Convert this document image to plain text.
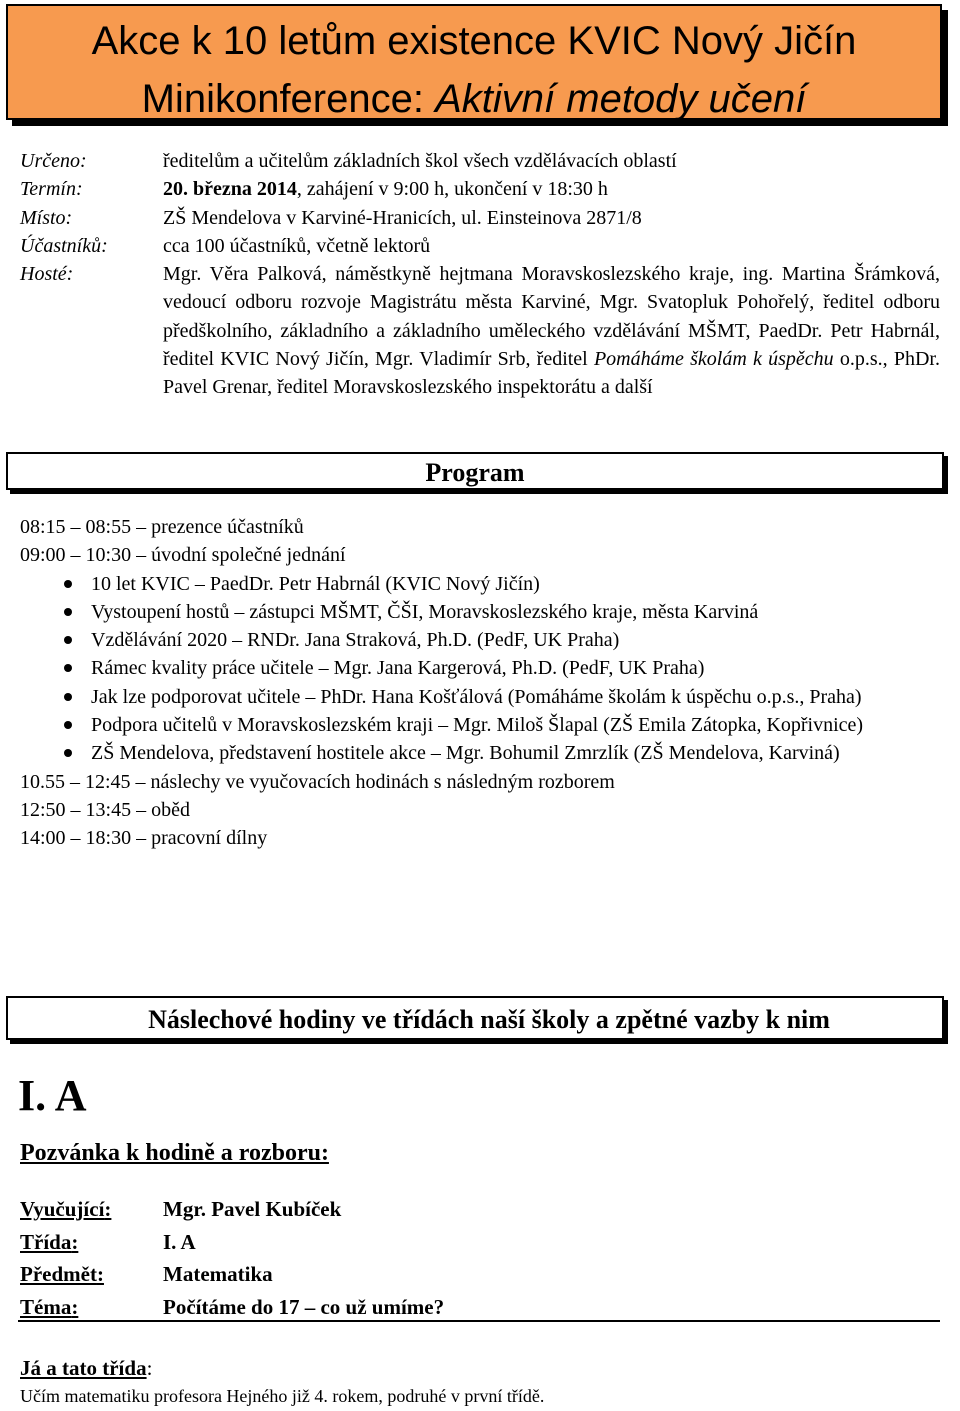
Akce k 10 letům existence KVIC Nový Jičín
Minikonference: Aktivní metody učení
Určeno:	ředitelům a učitelům základních škol všech vzdělávacích oblastí
Termín:	20. března 2014, zahájení v 9:00 h, ukončení v 18:30 h
Místo:	ZŠ Mendelova v Karviné-Hranicích, ul. Einsteinova 2871/8
Účastníků:	cca 100 účastníků, včetně lektorů
Hosté:	Mgr. Věra Palková, náměstkyně hejtmana Moravskoslezského kraje, ing. Martina Šrámková, vedoucí odboru rozvoje Magistrátu města Karviné, Mgr. Svatopluk Pohořelý, ředitel odboru předškolního, základního a základního uměleckého vzdělávání MŠMT, PaedDr. Petr Habrnál, ředitel KVIC Nový Jičín, Mgr. Vladimír Srb, ředitel Pomáháme školám k úspěchu o.p.s., PhDr. Pavel Grenar, ředitel Moravskoslezského inspektorátu a další
Program
08:15 – 08:55 – prezence účastníků
09:00 – 10:30 – úvodní společné jednání
10 let KVIC – PaedDr. Petr Habrnál (KVIC Nový Jičín)
Vystoupení hostů – zástupci MŠMT, ČŠI, Moravskoslezského kraje, města Karviná
Vzdělávání 2020 – RNDr. Jana Straková, Ph.D. (PedF, UK Praha)
Rámec kvality práce učitele – Mgr. Jana Kargerová, Ph.D. (PedF, UK Praha)
Jak lze podporovat učitele – PhDr. Hana Košťálová (Pomáháme školám k úspěchu o.p.s., Praha)
Podpora učitelů v Moravskoslezském kraji – Mgr. Miloš Šlapal (ZŠ Emila Zátopka, Kopřivnice)
ZŠ Mendelova, představení hostitele akce – Mgr. Bohumil Zmrzlík (ZŠ Mendelova, Karviná)
10.55 – 12:45 – náslechy ve vyučovacích hodinách s následným rozborem
12:50 – 13:45 – oběd
14:00 – 18:30 – pracovní dílny
Náslechové hodiny ve třídách naší školy a zpětné vazby k nim
I. A
Pozvánka k hodině a rozboru:
Vyučující: Mgr. Pavel Kubíček
Třída:	I. A
Předmět:	Matematika
Téma:	Počítáme do 17 – co už umíme?
Já a tato třída:
Učím matematiku profesora Hejného již 4. rokem, podruhé v první třídě.
